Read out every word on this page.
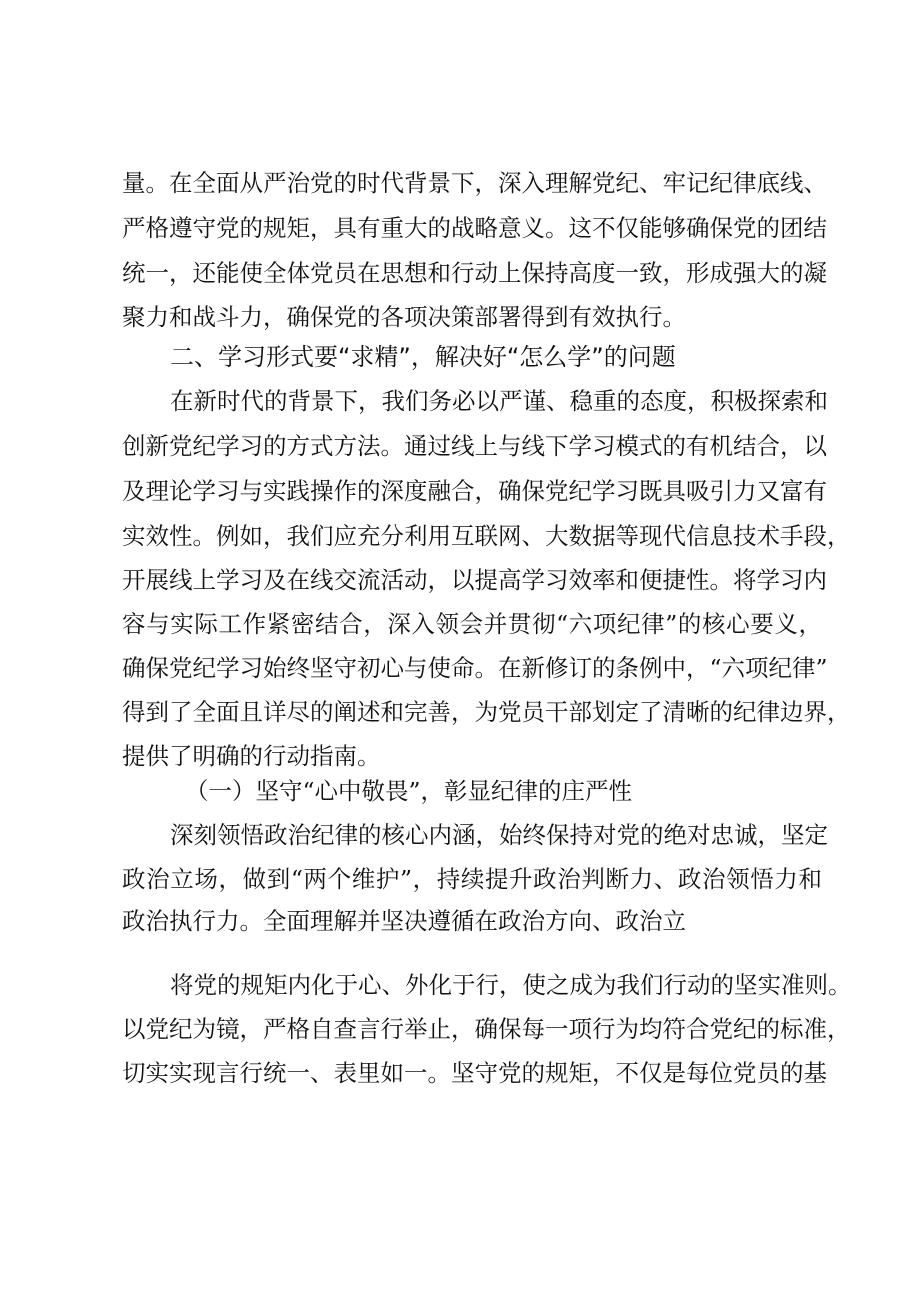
量。在全面从严治党的时代背景下，深入理解党纪、牢记纪律底线、
严格遵守党的规矩，具有重大的战略意义。这不仅能够确保党的团结
统一，还能使全体党员在思想和行动上保持高度一致，形成强大的凝
聚力和战斗力，确保党的各项决策部署得到有效执行。
二、学习形式要“求精”，解决好“怎么学”的问题
在新时代的背景下，我们务必以严谨、稳重的态度，积极探索和
创新党纪学习的方式方法。通过线上与线下学习模式的有机结合，以
及理论学习与实践操作的深度融合，确保党纪学习既具吸引力又富有
实效性。例如，我们应充分利用互联网、大数据等现代信息技术手段，
开展线上学习及在线交流活动，以提高学习效率和便捷性。将学习内
容与实际工作紧密结合，深入领会并贯彻“六项纪律”的核心要义，
确保党纪学习始终坚守初心与使命。在新修订的条例中，“六项纪律”
得到了全面且详尽的阐述和完善，为党员干部划定了清晰的纪律边界，
提供了明确的行动指南。
（一）坚守“心中敬畏”，彰显纪律的庄严性
深刻领悟政治纪律的核心内涵，始终保持对党的绝对忠诚，坚定
政治立场，做到“两个维护”，持续提升政治判断力、政治领悟力和
政治执行力。全面理解并坚决遵循在政治方向、政治立
将党的规矩内化于心、外化于行，使之成为我们行动的坚实准则。
以党纪为镜，严格自查言行举止，确保每一项行为均符合党纪的标准，
切实实现言行统一、表里如一。坚守党的规矩，不仅是每位党员的基
